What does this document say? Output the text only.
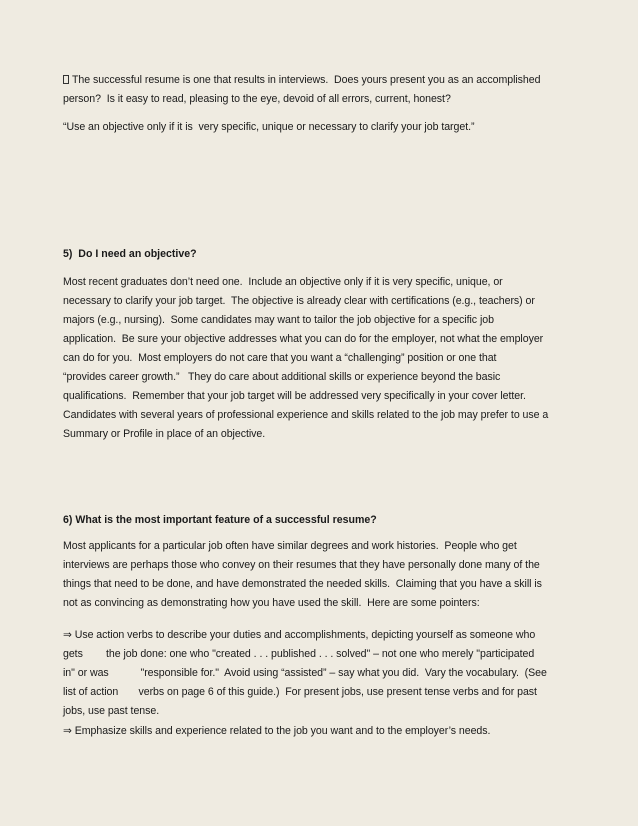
The successful resume is one that results in interviews.  Does yours present you as an accomplished
person?  Is it easy to read, pleasing to the eye, devoid of all errors, current, honest?

“Use an objective only if it is  very specific, unique or necessary to clarify your job target.”

5)  Do I need an objective?

Most recent graduates don’t need one.  Include an objective only if it is very specific, unique, or
necessary to clarify your job target.  The objective is already clear with certifications (e.g., teachers) or
majors (e.g., nursing).  Some candidates may want to tailor the job objective for a specific job
application.  Be sure your objective addresses what you can do for the employer, not what the employer
can do for you.  Most employers do not care that you want a “challenging” position or one that
“provides career growth.”   They do care about additional skills or experience beyond the basic
qualifications.  Remember that your job target will be addressed very specifically in your cover letter.
Candidates with several years of professional experience and skills related to the job may prefer to use a
Summary or Profile in place of an objective.

6) What is the most important feature of a successful resume?

Most applicants for a particular job often have similar degrees and work histories.  People who get
interviews are perhaps those who convey on their resumes that they have personally done many of the
things that need to be done, and have demonstrated the needed skills.  Claiming that you have a skill is
not as convincing as demonstrating how you have used the skill.  Here are some pointers:

⇒ Use action verbs to describe your duties and accomplishments, depicting yourself as someone who
gets        the job done: one who "created . . . published . . . solved" – not one who merely "participated
in" or was           "responsible for."  Avoid using “assisted” – say what you did.  Vary the vocabulary.  (See
list of action       verbs on page 6 of this guide.)  For present jobs, use present tense verbs and for past
jobs, use past tense.

⇒ Emphasize skills and experience related to the job you want and to the employer’s needs.
